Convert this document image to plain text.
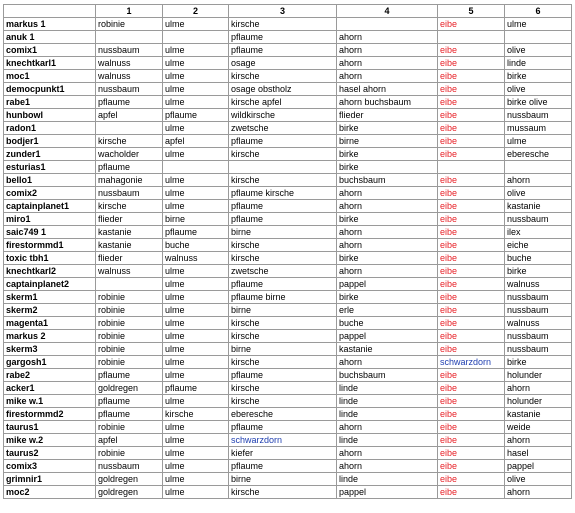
	1	2	3	4	5	6
markus 1	robinie	ulme	kirsche		eibe	ulme
anuk 1			pflaume	ahorn		
comix1	nussbaum	ulme	pflaume	ahorn	eibe	olive
knechtkarl1	walnuss	ulme	osage	ahorn	eibe	linde
moc1	walnuss	ulme	kirsche	ahorn	eibe	birke
democpunkt1	nussbaum	ulme	osage obstholz	hasel ahorn	eibe	olive
rabe1	pflaume	ulme	kirsche apfel	ahorn buchsbaum	eibe	birke olive
hunbowl	apfel	pflaume	wildkirsche	flieder	eibe	nussbaum
radon1		ulme	zwetsche	birke	eibe	mussaum
bodjer1	kirsche	apfel	pflaume	birne	eibe	ulme
zunder1	wacholder	ulme	kirsche	birke	eibe	eberesche
esturias1	pflaume			birke		
bello1	mahagonie	ulme	kirsche	buchsbaum	eibe	ahorn
comix2	nussbaum	ulme	pflaume kirsche	ahorn	eibe	olive
captainplanet1	kirsche	ulme	pflaume	ahorn	eibe	kastanie
miro1	flieder	birne	pflaume	birke	eibe	nussbaum
saic749 1	kastanie	pflaume	birne	ahorn	eibe	ilex
firestormmd1	kastanie	buche	kirsche	ahorn	eibe	eiche
toxic tbh1	flieder	walnuss	kirsche	birke	eibe	buche
knechtkarl2	walnuss	ulme	zwetsche	ahorn	eibe	birke
captainplanet2		ulme	pflaume	pappel	eibe	walnuss
skerm1	robinie	ulme	pflaume birne	birke	eibe	nussbaum
skerm2	robinie	ulme	birne	erle	eibe	nussbaum
magenta1	robinie	ulme	kirsche	buche	eibe	walnuss
markus 2	robinie	ulme	kirsche	pappel	eibe	nussbaum
skerm3	robinie	ulme	birne	kastanie	eibe	nussbaum
gargosh1	robinie	ulme	kirsche	ahorn	schwarzdorn	birke
rabe2	pflaume	ulme	pflaume	buchsbaum	eibe	holunder
acker1	goldregen	pflaume	kirsche	linde	eibe	ahorn
mike w.1	pflaume	ulme	kirsche	linde	eibe	holunder
firestormmd2	pflaume	kirsche	eberesche	linde	eibe	kastanie
taurus1	robinie	ulme	pflaume	ahorn	eibe	weide
mike w.2	apfel	ulme	schwarzdorn	linde	eibe	ahorn
taurus2	robinie	ulme	kiefer	ahorn	eibe	hasel
comix3	nussbaum	ulme	pflaume	ahorn	eibe	pappel
grimnir1	goldregen	ulme	birne	linde	eibe	olive
moc2	goldregen	ulme	kirsche	pappel	eibe	ahorn
